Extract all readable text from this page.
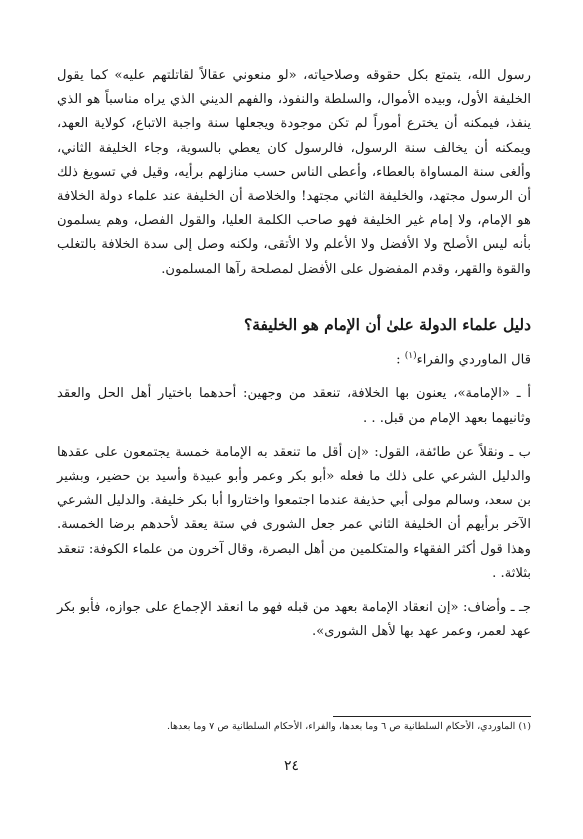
رسول الله، يتمتع بكل حقوقه وصلاحياته، «لو منعوني عقالاً لقاتلتهم عليه» كما يقول الخليفة الأول، وبيده الأموال، والسلطة والنفوذ، والفهم الديني الذي يراه مناسباً هو الذي ينفذ، فيمكنه أن يخترع أموراً لم تكن موجودة ويجعلها سنة واجبة الاتباع، كولاية العهد، ويمكنه أن يخالف سنة الرسول، فالرسول كان يعطي بالسوية، وجاء الخليفة الثاني، وألغى سنة المساواة بالعطاء، وأعطى الناس حسب منازلهم برأيه، وقيل في تسويغ ذلك أن الرسول مجتهد، والخليفة الثاني مجتهد! والخلاصة أن الخليفة عند علماء دولة الخلافة هو الإمام، ولا إمام غير الخليفة فهو صاحب الكلمة العليا، والقول الفصل، وهم يسلمون بأنه ليس الأصلح ولا الأفضل ولا الأعلم ولا الأتقى، ولكنه وصل إلى سدة الخلافة بالتغلب والقوة والقهر، وقدم المفضول على الأفضل لمصلحة رآها المسلمون.

دليل علماء الدولة علىٰ أن الإمام هو الخليفة؟

قال الماوردي والفراء$^{(١)}$ :

أ ـ «الإمامة»، يعنون بها الخلافة، تنعقد من وجهين: أحدهما باختيار أهل الحل والعقد وثانيهما بعهد الإمام من قبل. . .

ب ـ ونقلاً عن طائفة، القول: «إن أقل ما تنعقد به الإمامة خمسة يجتمعون على عقدها والدليل الشرعي على ذلك ما فعله «أبو بكر وعمر وأبو عبيدة وأسيد بن حضير، وبشير بن سعد، وسالم مولى أبي حذيفة عندما اجتمعوا واختاروا أبا بكر خليفة. والدليل الشرعي الآخر برأيهم أن الخليفة الثاني عمر جعل الشورى في ستة يعقد لأحدهم برضا الخمسة. وهذا قول أكثر الفقهاء والمتكلمين من أهل البصرة، وقال آخرون من علماء الكوفة: تنعقد بثلاثة. .

جـ ـ وأضاف: «إن انعقاد الإمامة بعهد من قبله فهو ما انعقد الإجماع على جوازه، فأبو بكر عهد لعمر، وعمر عهد بها لأهل الشورى».

(١) الماوردي، الأحكام السلطانية ص ٦ وما بعدها، والفراء، الأحكام السلطانية ص ٧ وما بعدها.
٢٤
